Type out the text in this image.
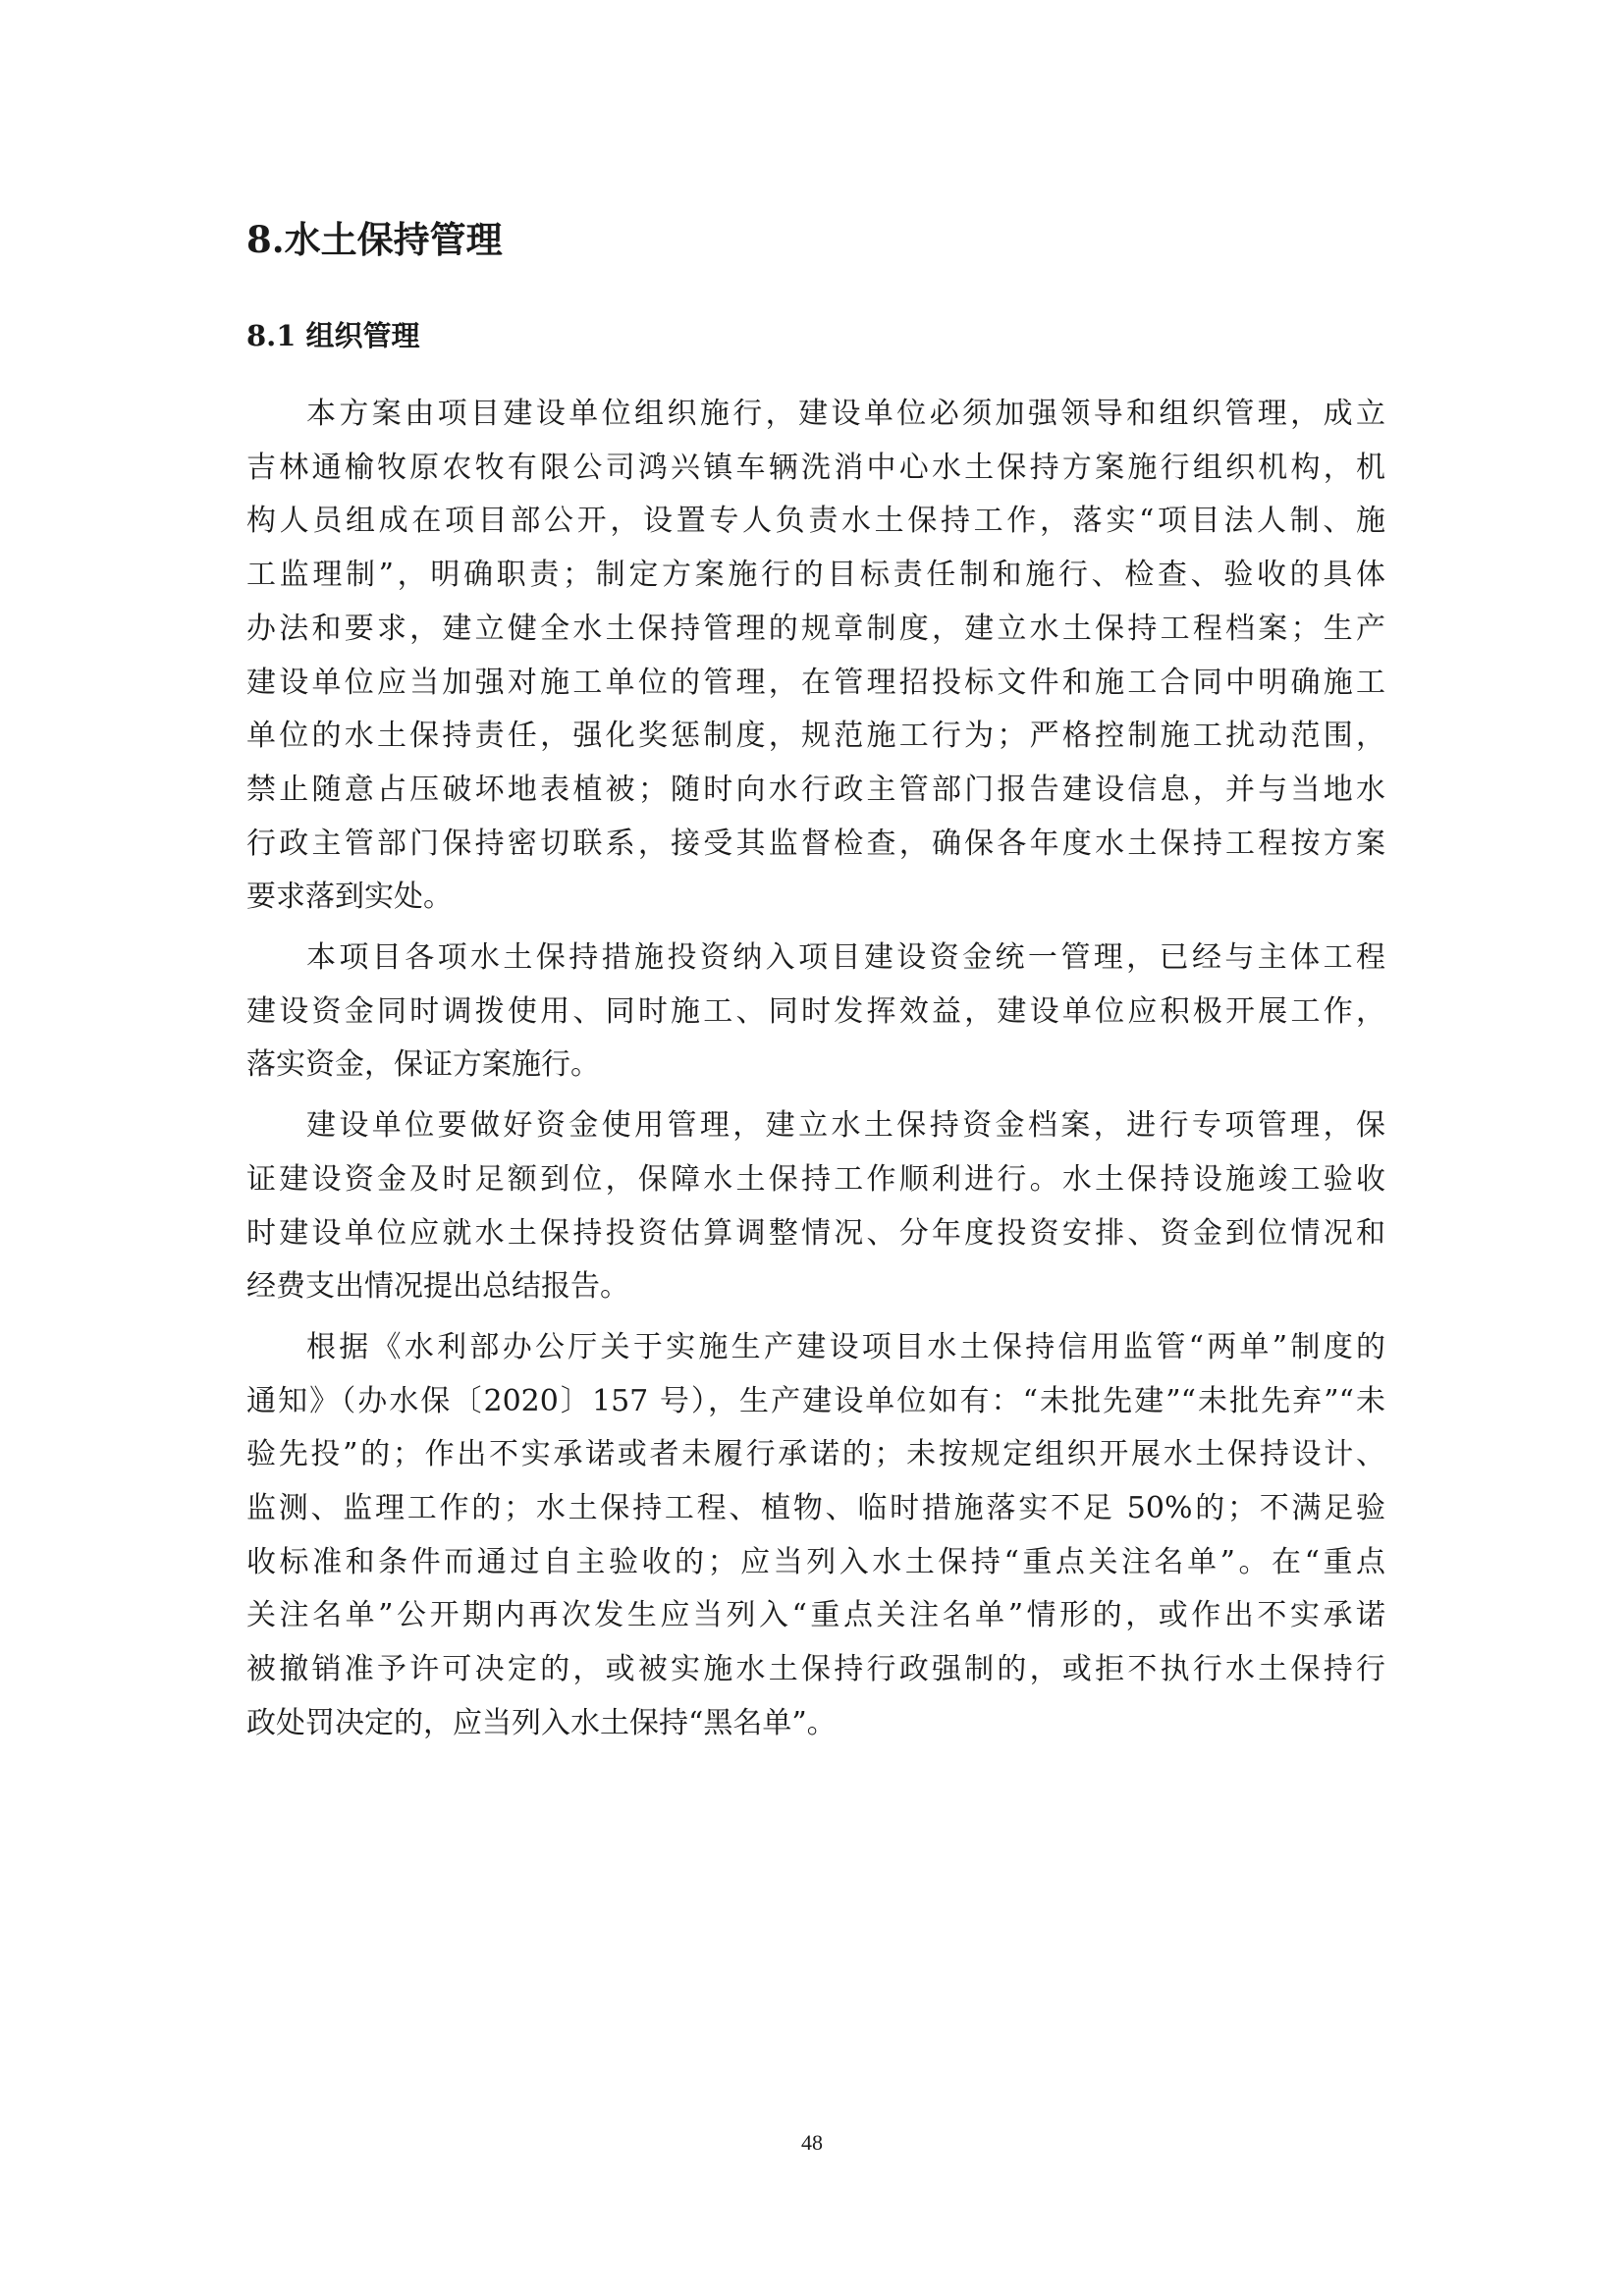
8.水土保持管理
8.1 组织管理
本方案由项目建设单位组织施行，建设单位必须加强领导和组织管理，成立
吉林通榆牧原农牧有限公司鸿兴镇车辆洗消中心水土保持方案施行组织机构，机
构人员组成在项目部公开，设置专人负责水土保持工作，落实“项目法人制、施
工监理制”，明确职责；制定方案施行的目标责任制和施行、检查、验收的具体
办法和要求，建立健全水土保持管理的规章制度，建立水土保持工程档案；生产
建设单位应当加强对施工单位的管理，在管理招投标文件和施工合同中明确施工
单位的水土保持责任，强化奖惩制度，规范施工行为；严格控制施工扰动范围，
禁止随意占压破坏地表植被；随时向水行政主管部门报告建设信息，并与当地水
行政主管部门保持密切联系，接受其监督检查，确保各年度水土保持工程按方案
要求落到实处。
本项目各项水土保持措施投资纳入项目建设资金统一管理，已经与主体工程
建设资金同时调拨使用、同时施工、同时发挥效益，建设单位应积极开展工作，
落实资金，保证方案施行。
建设单位要做好资金使用管理，建立水土保持资金档案，进行专项管理，保
证建设资金及时足额到位，保障水土保持工作顺利进行。水土保持设施竣工验收
时建设单位应就水土保持投资估算调整情况、分年度投资安排、资金到位情况和
经费支出情况提出总结报告。
根据《水利部办公厅关于实施生产建设项目水土保持信用监管“两单”制度的
通知》（办水保〔2020〕157 号），生产建设单位如有：“未批先建”“未批先弃”“未
验先投”的；作出不实承诺或者未履行承诺的；未按规定组织开展水土保持设计、
监测、监理工作的；水土保持工程、植物、临时措施落实不足 50%的；不满足验
收标准和条件而通过自主验收的；应当列入水土保持“重点关注名单”。在“重点
关注名单”公开期内再次发生应当列入“重点关注名单”情形的，或作出不实承诺
被撤销准予许可决定的，或被实施水土保持行政强制的，或拒不执行水土保持行
政处罚决定的，应当列入水土保持“黑名单”。
48
